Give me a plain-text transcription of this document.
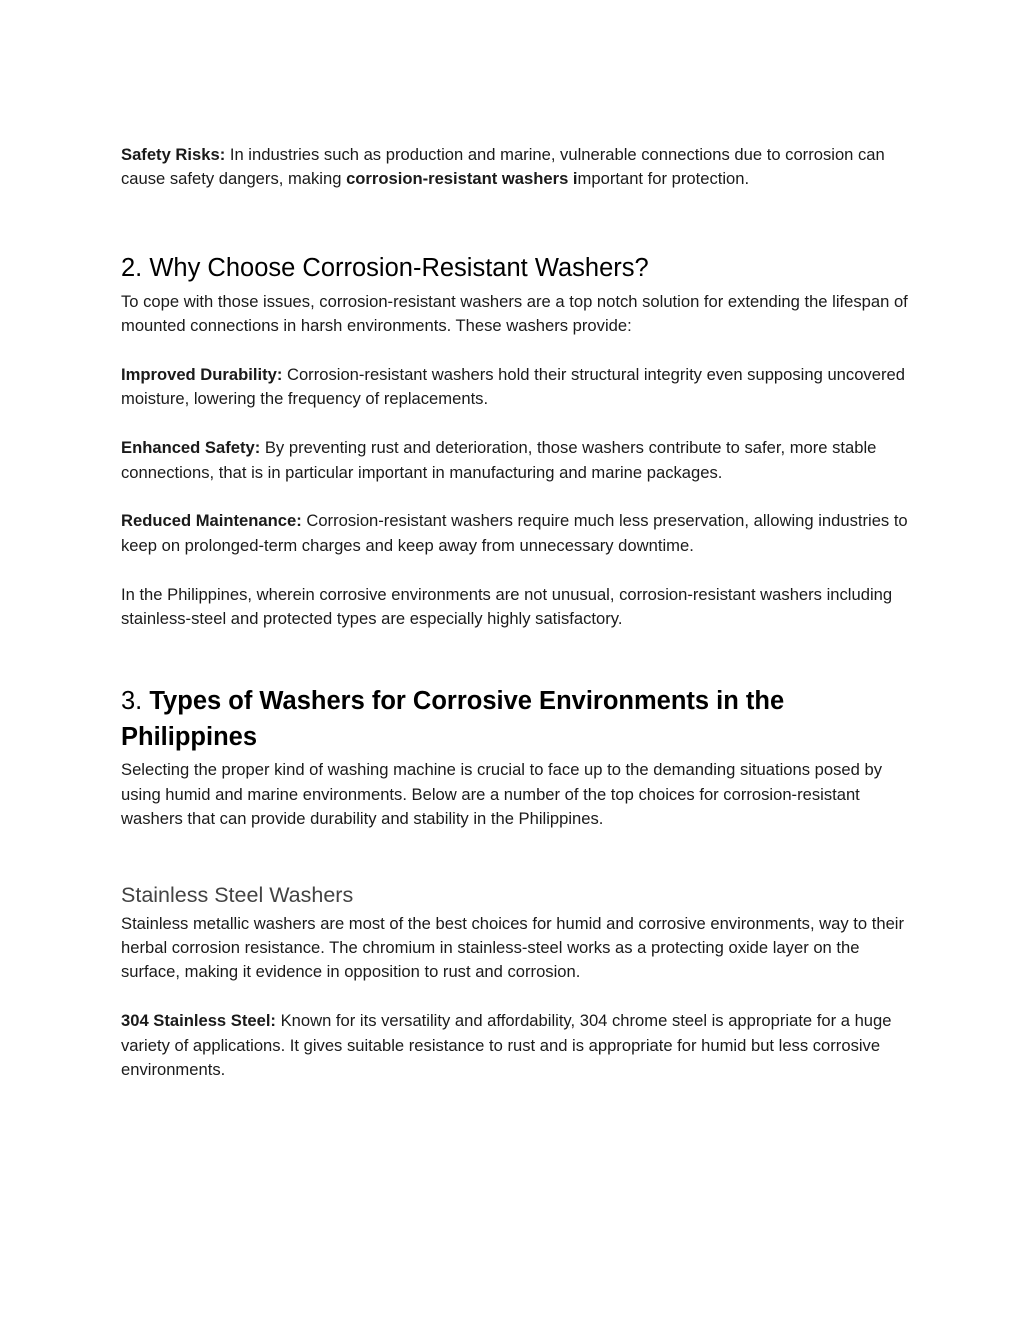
Safety Risks: In industries such as production and marine, vulnerable connections due to corrosion can cause safety dangers, making corrosion-resistant washers important for protection.

2. Why Choose Corrosion-Resistant Washers?

To cope with those issues, corrosion-resistant washers are a top notch solution for extending the lifespan of mounted connections in harsh environments. These washers provide:

Improved Durability: Corrosion-resistant washers hold their structural integrity even supposing uncovered moisture, lowering the frequency of replacements.

Enhanced Safety: By preventing rust and deterioration, those washers contribute to safer, more stable connections, that is in particular important in manufacturing and marine packages.

Reduced Maintenance: Corrosion-resistant washers require much less preservation, allowing industries to keep on prolonged-term charges and keep away from unnecessary downtime.

In the Philippines, wherein corrosive environments are not unusual, corrosion-resistant washers including stainless-steel and protected types are especially highly satisfactory.

3. Types of Washers for Corrosive Environments in the Philippines

Selecting the proper kind of washing machine is crucial to face up to the demanding situations posed by using humid and marine environments. Below are a number of the top choices for corrosion-resistant washers that can provide durability and stability in the Philippines.

Stainless Steel Washers

Stainless metallic washers are most of the best choices for humid and corrosive environments, way to their herbal corrosion resistance. The chromium in stainless-steel works as a protecting oxide layer on the surface, making it evidence in opposition to rust and corrosion.

304 Stainless Steel: Known for its versatility and affordability, 304 chrome steel is appropriate for a huge variety of applications. It gives suitable resistance to rust and is appropriate for humid but less corrosive environments.
